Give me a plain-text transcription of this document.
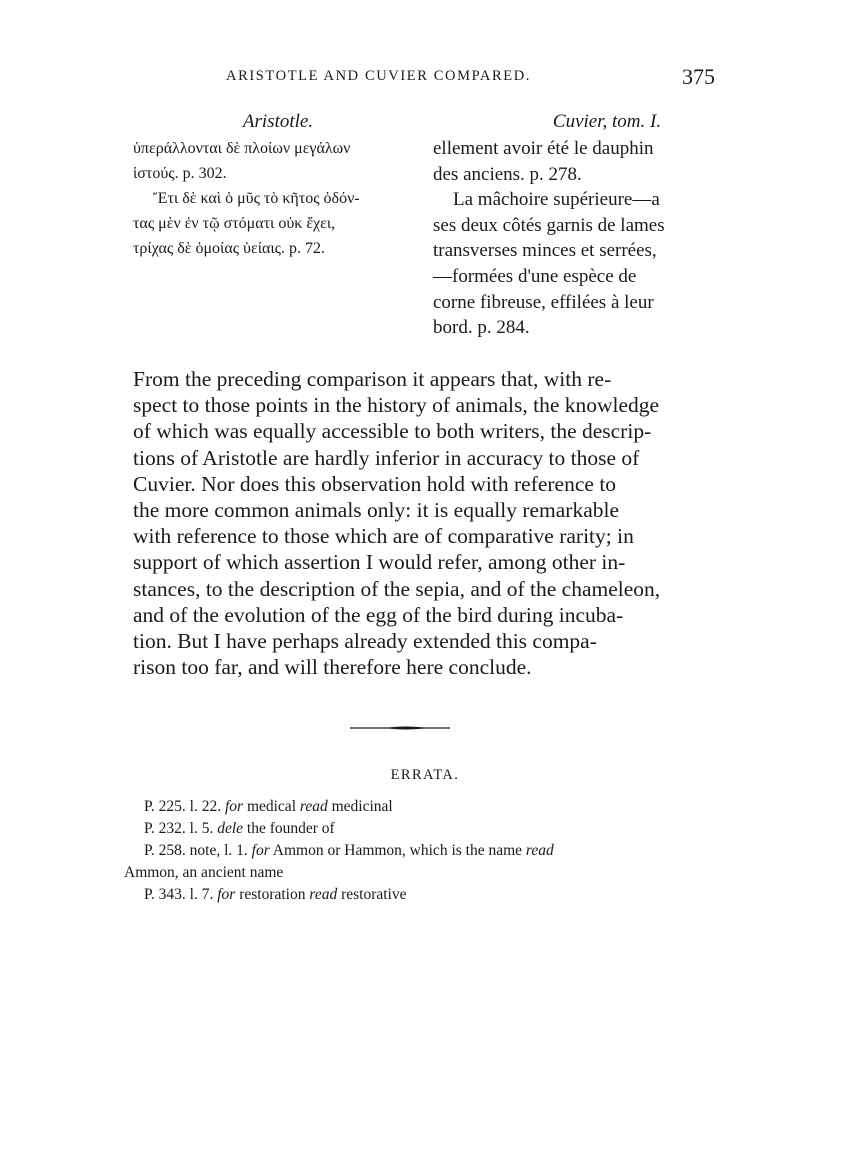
ARISTOTLE AND CUVIER COMPARED.	375
Aristotle.
ὑπεράλλονται δὲ πλοίων μεγάλων
ἱστούς. p. 302.
Ἔτι δὲ καὶ ὁ μῦς τὸ κῆτος ὀδόν-
τας μὲν ἐν τῷ στόματι οὐκ ἔχει,
τρίχας δὲ ὁμοίας ὑείαις. p. 72.
Cuvier, tom. I.
ellement avoir été le dauphin
des anciens. p. 278.
La mâchoire supérieure—a
ses deux côtés garnis de lames
transverses minces et serrées,
—formées d'une espèce de
corne fibreuse, effilées à leur
bord. p. 284.
From the preceding comparison it appears that, with re-
spect to those points in the history of animals, the knowledge
of which was equally accessible to both writers, the descrip-
tions of Aristotle are hardly inferior in accuracy to those of
Cuvier. Nor does this observation hold with reference to
the more common animals only: it is equally remarkable
with reference to those which are of comparative rarity; in
support of which assertion I would refer, among other in-
stances, to the description of the sepia, and of the chameleon,
and of the evolution of the egg of the bird during incuba-
tion. But I have perhaps already extended this compa-
rison too far, and will therefore here conclude.
ERRATA.
P. 225. l. 22. for medical read medicinal
P. 232. l. 5. dele the founder of
P. 258. note, l. 1. for Ammon or Hammon, which is the name read
Ammon, an ancient name
P. 343. l. 7. for restoration read restorative
